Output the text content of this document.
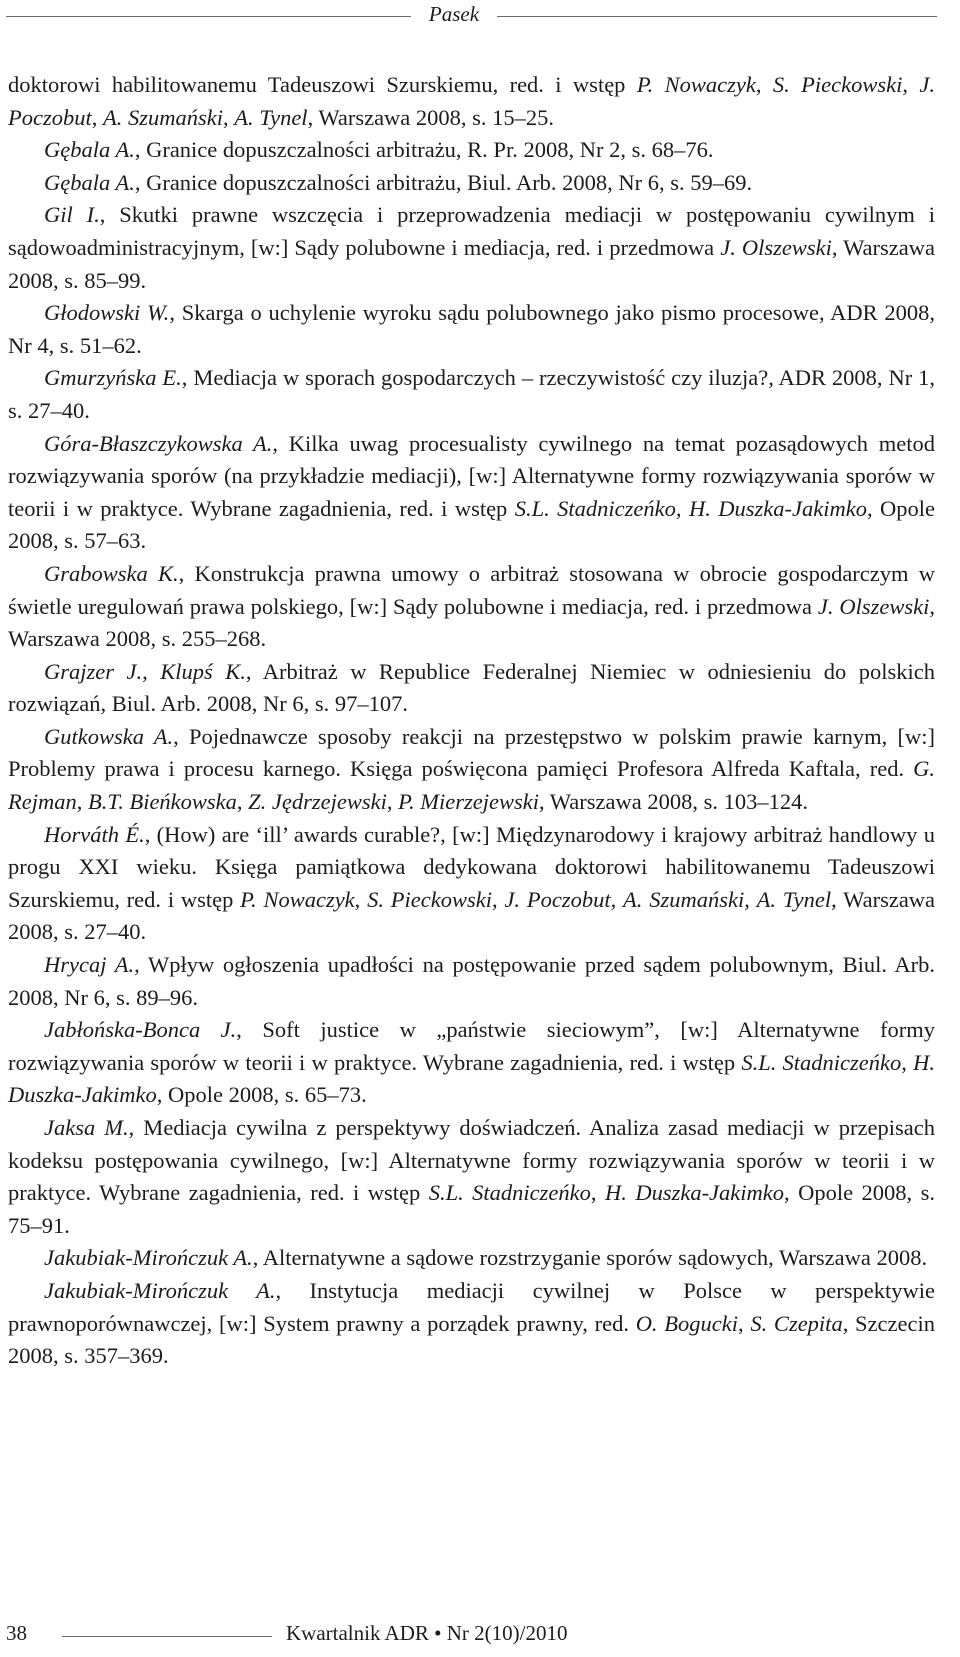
Pasek

doktorowi habilitowanemu Tadeuszowi Szurskiemu, red. i wstęp P. Nowaczyk, S. Pieckowski, J. Poczobut, A. Szumański, A. Tynel, Warszawa 2008, s. 15–25.

Gębala A., Granice dopuszczalności arbitrażu, R. Pr. 2008, Nr 2, s. 68–76.

Gębala A., Granice dopuszczalności arbitrażu, Biul. Arb. 2008, Nr 6, s. 59–69.

Gil I., Skutki prawne wszczęcia i przeprowadzenia mediacji w postępowaniu cywilnym i sądowoadministracyjnym, [w:] Sądy polubowne i mediacja, red. i przedmowa J. Olszewski, Warszawa 2008, s. 85–99.

Głodowski W., Skarga o uchylenie wyroku sądu polubownego jako pismo procesowe, ADR 2008, Nr 4, s. 51–62.

Gmurzyńska E., Mediacja w sporach gospodarczych – rzeczywistość czy iluzja?, ADR 2008, Nr 1, s. 27–40.

Góra-Błaszczykowska A., Kilka uwag procesualisty cywilnego na temat pozasądowych metod rozwiązywania sporów (na przykładzie mediacji), [w:] Alternatywne formy rozwiązywania sporów w teorii i w praktyce. Wybrane zagadnienia, red. i wstęp S.L. Stadniczeńko, H. Duszka-Jakimko, Opole 2008, s. 57–63.

Grabowska K., Konstrukcja prawna umowy o arbitraż stosowana w obrocie gospodarczym w świetle uregulowań prawa polskiego, [w:] Sądy polubowne i mediacja, red. i przedmowa J. Olszewski, Warszawa 2008, s. 255–268.

Grajzer J., Klupś K., Arbitraż w Republice Federalnej Niemiec w odniesieniu do polskich rozwiązań, Biul. Arb. 2008, Nr 6, s. 97–107.

Gutkowska A., Pojednawcze sposoby reakcji na przestępstwo w polskim prawie karnym, [w:] Problemy prawa i procesu karnego. Księga poświęcona pamięci Profesora Alfreda Kaftala, red. G. Rejman, B.T. Bieńkowska, Z. Jędrzejewski, P. Mierzejewski, Warszawa 2008, s. 103–124.

Horváth É., (How) are ‘ill’ awards curable?, [w:] Międzynarodowy i krajowy arbitraż handlowy u progu XXI wieku. Księga pamiątkowa dedykowana doktorowi habilitowanemu Tadeuszowi Szurskiemu, red. i wstęp P. Nowaczyk, S. Pieckowski, J. Poczobut, A. Szumański, A. Tynel, Warszawa 2008, s. 27–40.

Hrycaj A., Wpływ ogłoszenia upadłości na postępowanie przed sądem polubownym, Biul. Arb. 2008, Nr 6, s. 89–96.

Jabłońska-Bonca J., Soft justice w „państwie sieciowym”, [w:] Alternatywne formy rozwiązywania sporów w teorii i w praktyce. Wybrane zagadnienia, red. i wstęp S.L. Stadniczeńko, H. Duszka-Jakimko, Opole 2008, s. 65–73.

Jaksa M., Mediacja cywilna z perspektywy doświadczeń. Analiza zasad mediacji w przepisach kodeksu postępowania cywilnego, [w:] Alternatywne formy rozwiązywania sporów w teorii i w praktyce. Wybrane zagadnienia, red. i wstęp S.L. Stadniczeńko, H. Duszka-Jakimko, Opole 2008, s. 75–91.

Jakubiak-Mirończuk A., Alternatywne a sądowe rozstrzyganie sporów sądowych, Warszawa 2008.

Jakubiak-Mirończuk A., Instytucja mediacji cywilnej w Polsce w perspektywie prawnoporównawczej, [w:] System prawny a porządek prawny, red. O. Bogucki, S. Czepita, Szczecin 2008, s. 357–369.

38	Kwartalnik ADR • Nr 2(10)/2010
